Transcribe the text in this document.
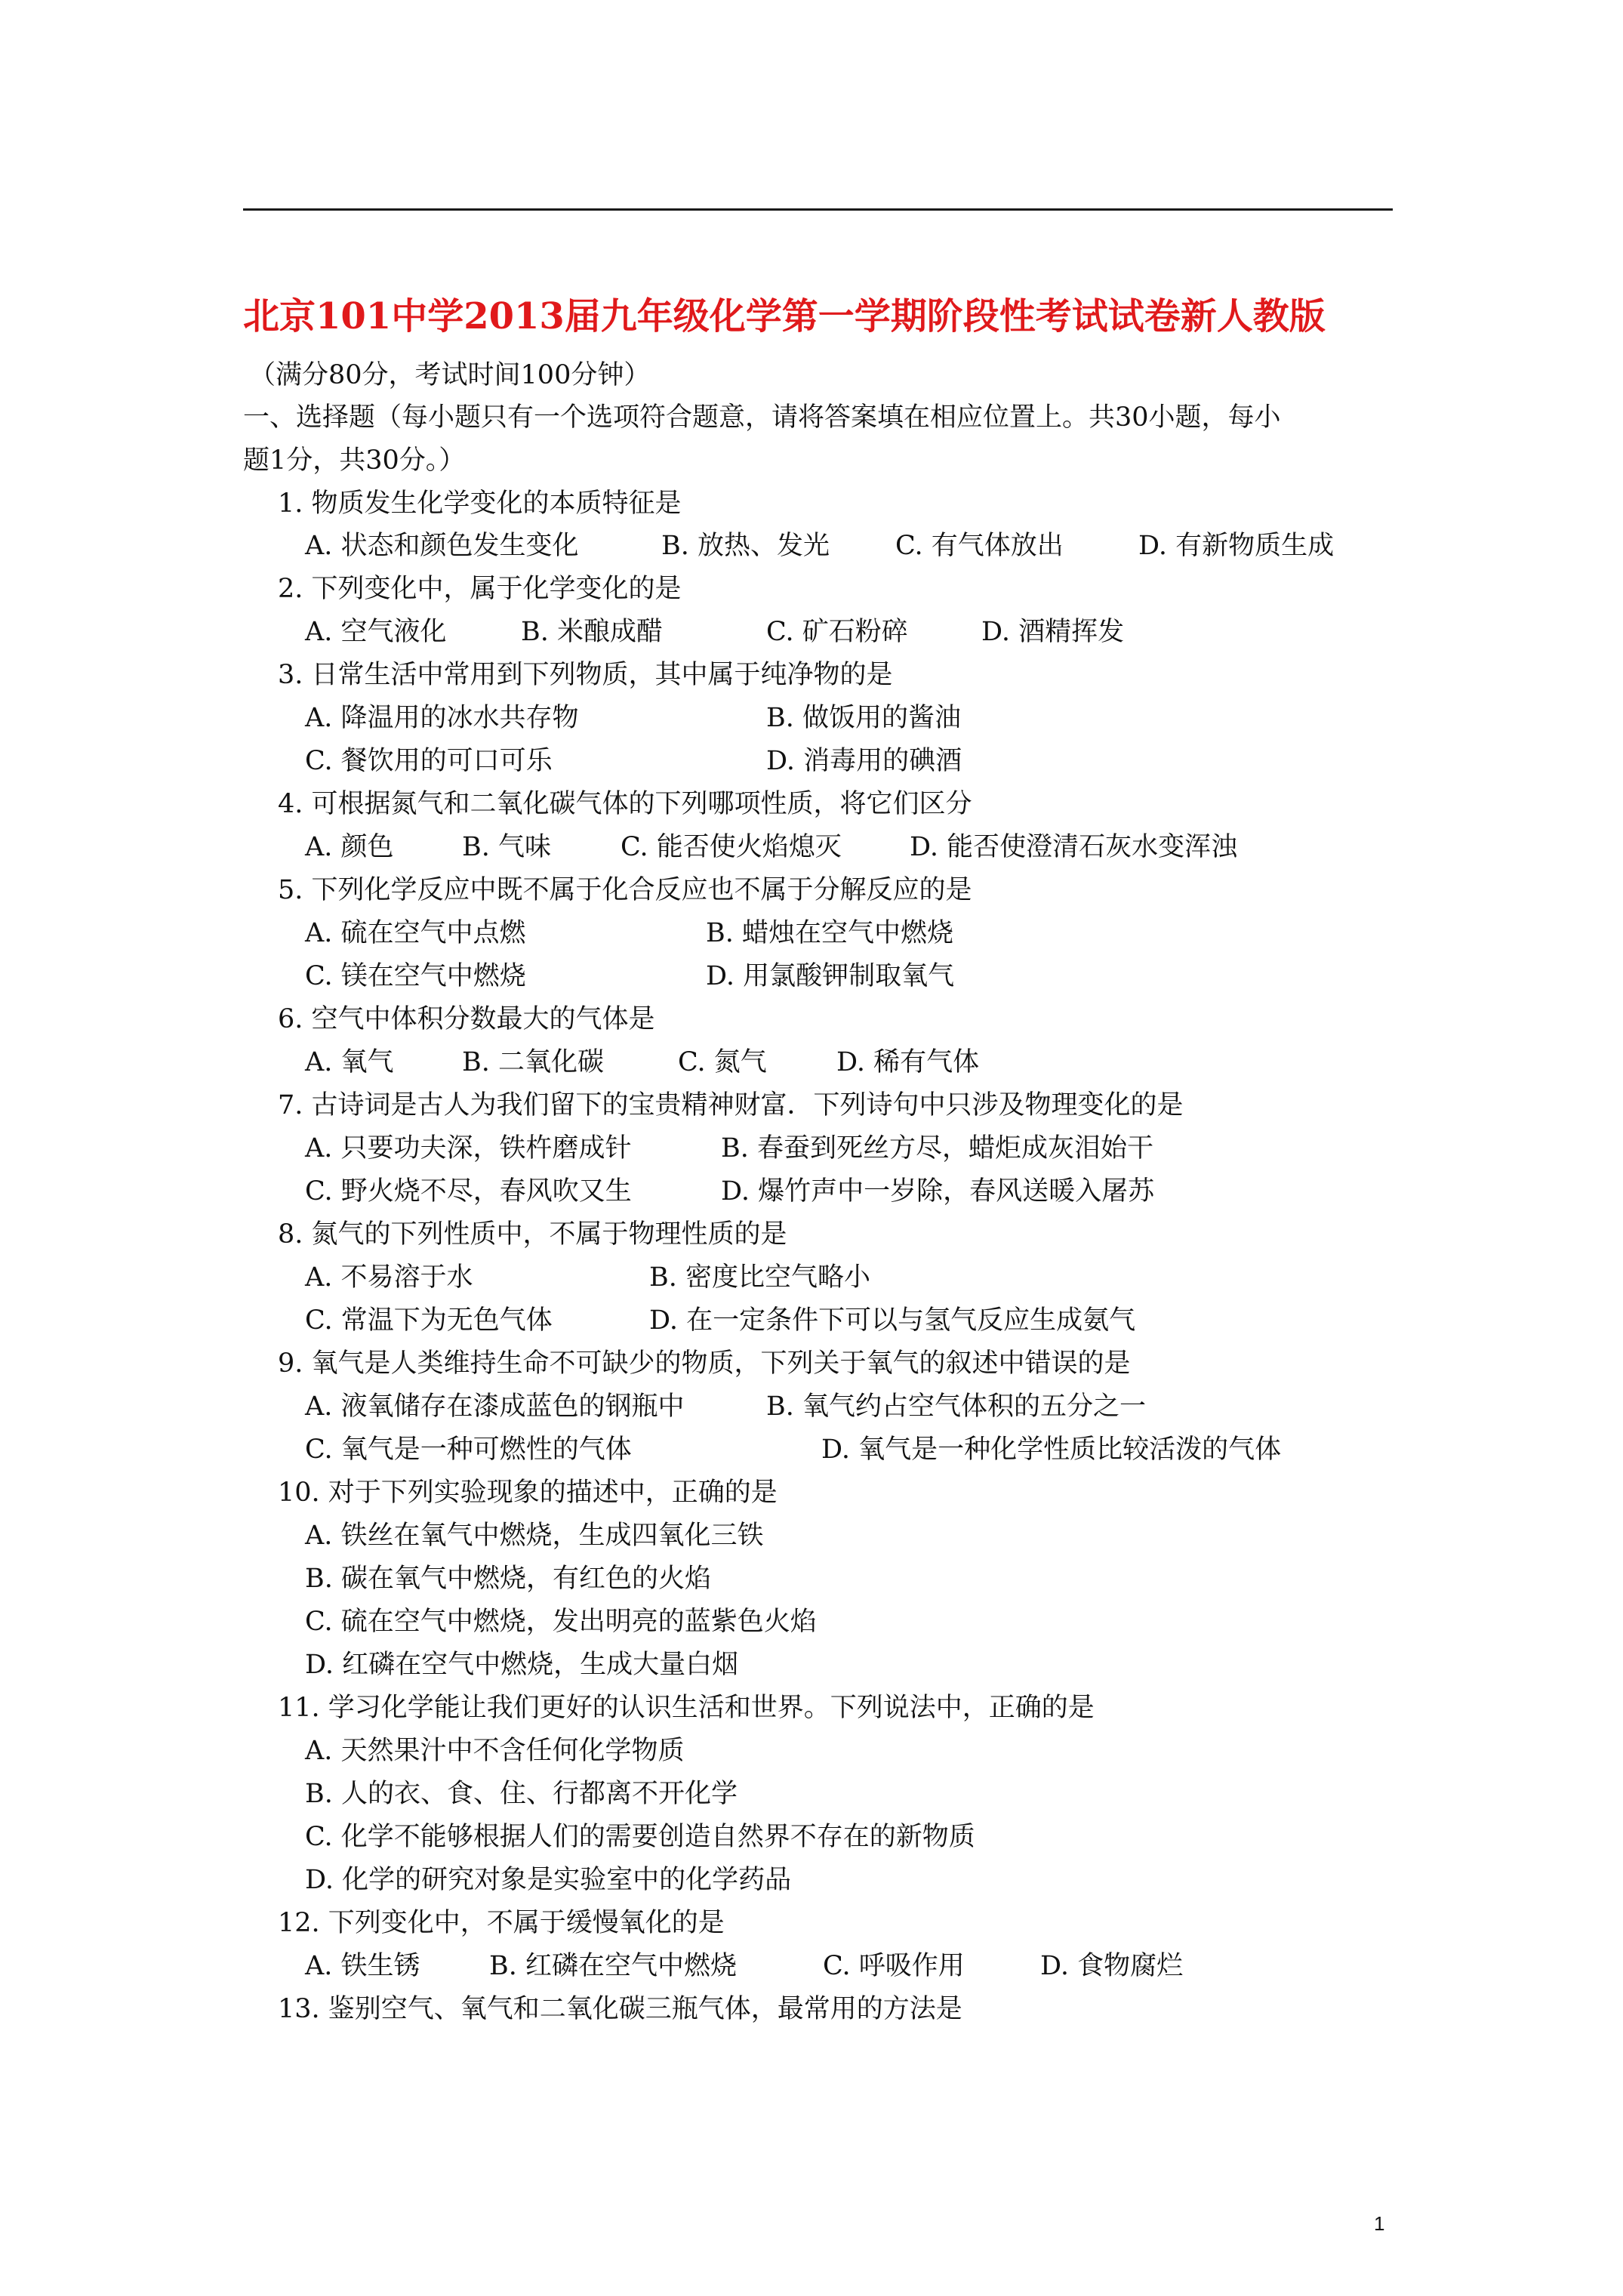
北京101中学2013届九年级化学第一学期阶段性考试试卷新人教版
（满分80分，考试时间100分钟）
一、选择题（每小题只有一个选项符合题意，请将答案填在相应位置上。共30小题，每小
题1分，共30分。）
1. 物质发生化学变化的本质特征是
A. 状态和颜色发生变化	B. 放热、发光 C. 有气体放出	D. 有新物质生成
2. 下列变化中，属于化学变化的是
A. 空气液化	B. 米酿成醋	C. 矿石粉碎	D. 酒精挥发
3. 日常生活中常用到下列物质，其中属于纯净物的是
A. 降温用的冰水共存物	B. 做饭用的酱油
C. 餐饮用的可口可乐	D. 消毒用的碘酒
4. 可根据氮气和二氧化碳气体的下列哪项性质，将它们区分
A. 颜色	B. 气味	C. 能否使火焰熄灭	D. 能否使澄清石灰水变浑浊
5. 下列化学反应中既不属于化合反应也不属于分解反应的是
A. 硫在空气中点燃	B. 蜡烛在空气中燃烧
C. 镁在空气中燃烧	D. 用氯酸钾制取氧气
6. 空气中体积分数最大的气体是
A. 氧气	B. 二氧化碳	C. 氮气	D. 稀有气体
7. 古诗词是古人为我们留下的宝贵精神财富．下列诗句中只涉及物理变化的是
A. 只要功夫深，铁杵磨成针	B. 春蚕到死丝方尽，蜡炬成灰泪始干
C. 野火烧不尽，春风吹又生	D. 爆竹声中一岁除，春风送暖入屠苏
8. 氮气的下列性质中，不属于物理性质的是
A. 不易溶于水	B. 密度比空气略小
C. 常温下为无色气体	D. 在一定条件下可以与氢气反应生成氨气
9. 氧气是人类维持生命不可缺少的物质，下列关于氧气的叙述中错误的是
A. 液氧储存在漆成蓝色的钢瓶中	B. 氧气约占空气体积的五分之一
C. 氧气是一种可燃性的气体	D. 氧气是一种化学性质比较活泼的气体
10. 对于下列实验现象的描述中，正确的是
A. 铁丝在氧气中燃烧，生成四氧化三铁
B. 碳在氧气中燃烧，有红色的火焰
C. 硫在空气中燃烧，发出明亮的蓝紫色火焰
D. 红磷在空气中燃烧，生成大量白烟
11. 学习化学能让我们更好的认识生活和世界。下列说法中，正确的是
A. 天然果汁中不含任何化学物质
B. 人的衣、食、住、行都离不开化学
C. 化学不能够根据人们的需要创造自然界不存在的新物质
D. 化学的研究对象是实验室中的化学药品
12. 下列变化中，不属于缓慢氧化的是
A. 铁生锈	B. 红磷在空气中燃烧	C. 呼吸作用	D. 食物腐烂
13. 鉴别空气、氧气和二氧化碳三瓶气体，最常用的方法是
1
